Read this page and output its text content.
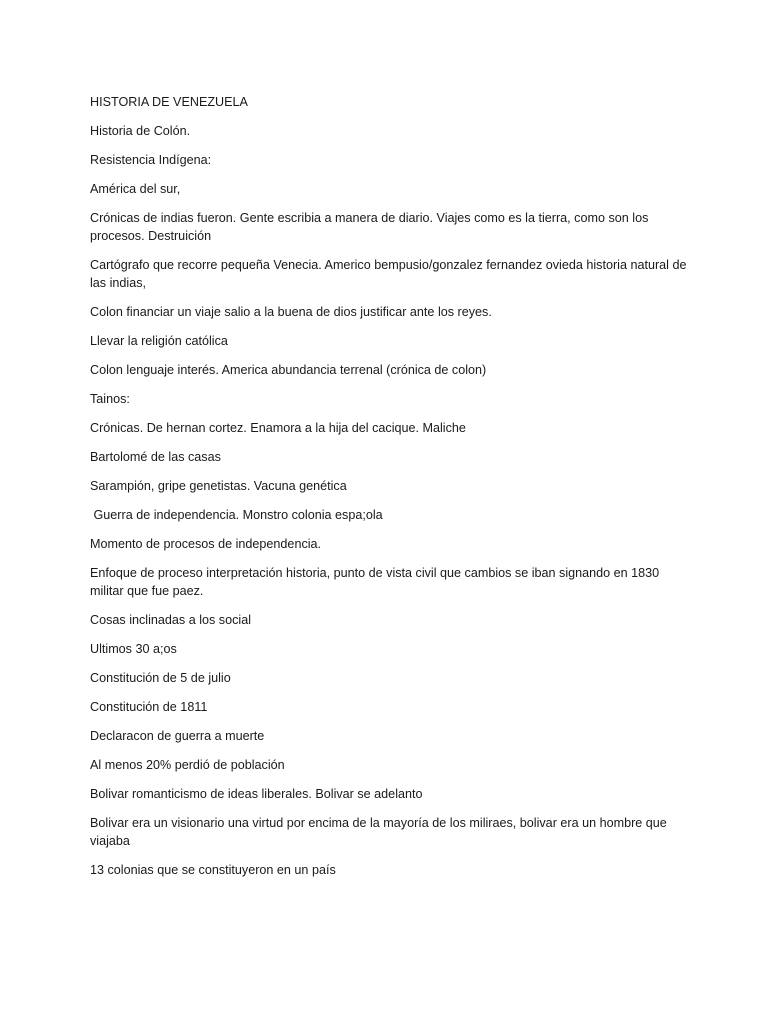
HISTORIA DE VENEZUELA

Historia de Colón.

Resistencia Indígena:

América del sur,

Crónicas de indias fueron. Gente escribia a manera de diario. Viajes como es la tierra, como son los procesos. Destruición

Cartógrafo que recorre pequeña Venecia. Americo bempusio/gonzalez fernandez ovieda historia natural de las indias,

Colon financiar un viaje salio a la buena de dios justificar ante los reyes.

Llevar la religión católica

Colon lenguaje interés. America abundancia terrenal (crónica de colon)

Tainos:

Crónicas. De hernan cortez. Enamora a la hija del cacique. Maliche

Bartolomé de las casas

Sarampión, gripe genetistas. Vacuna genética

Guerra de independencia. Monstro colonia espa;ola

Momento de procesos de independencia.

Enfoque de proceso interpretación historia, punto de vista civil que cambios se iban signando en 1830 militar que fue paez.

Cosas inclinadas a los social

Ultimos 30 a;os

Constitución de 5 de julio

Constitución de 1811

Declaracon de guerra a muerte

Al menos 20% perdió de población

Bolivar romanticismo de ideas liberales. Bolivar se adelanto

Bolivar era un visionario una virtud por encima de la mayoría de los miliraes, bolivar era un hombre que viajaba

13 colonias que se constituyeron en un país
